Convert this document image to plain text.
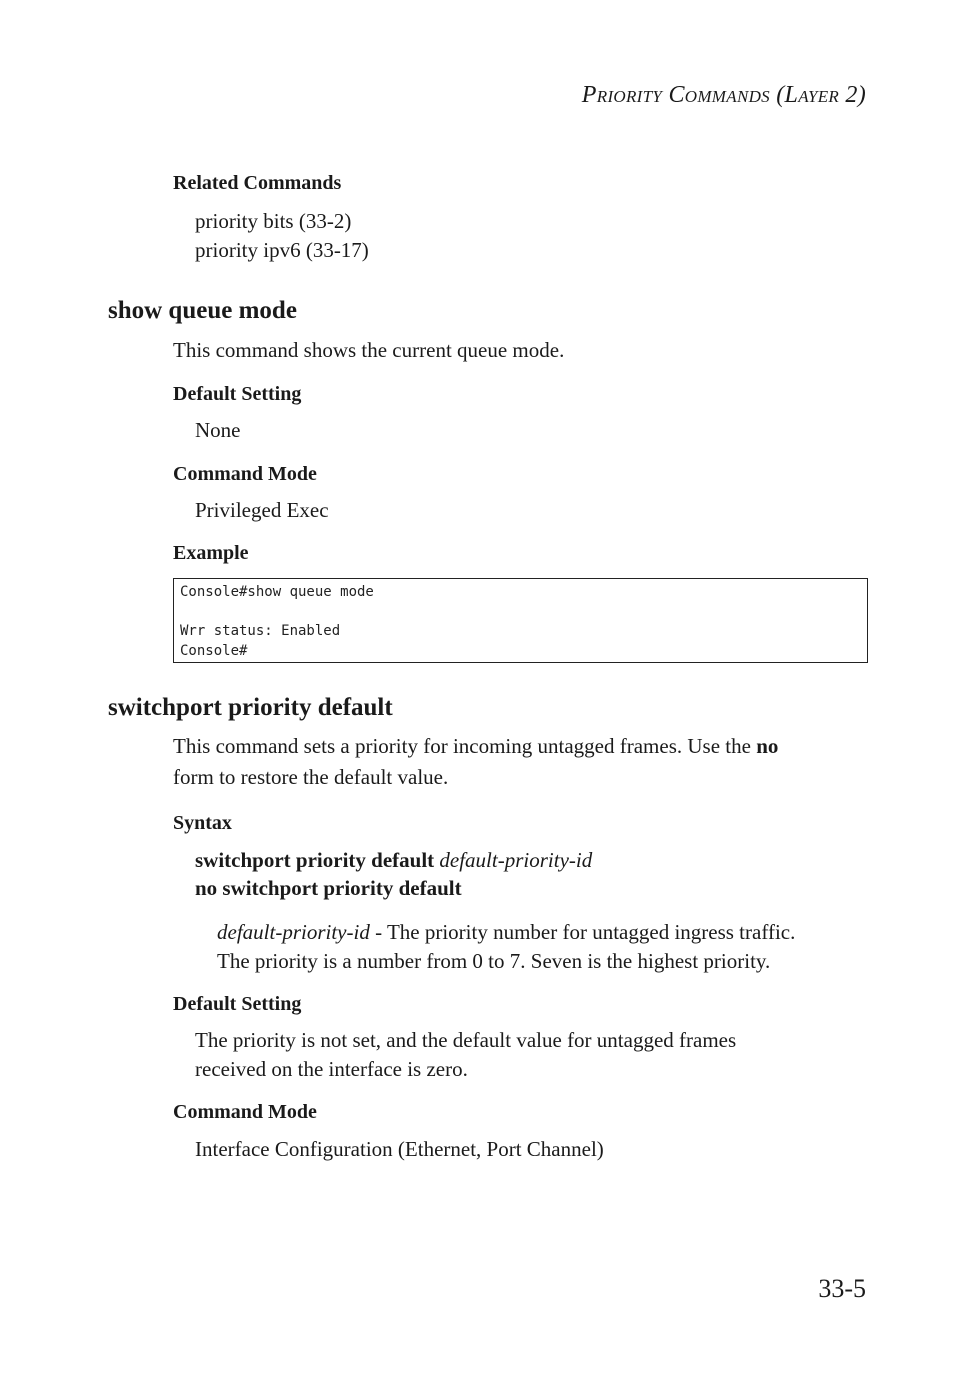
PRIORITY COMMANDS (LAYER 2)
Related Commands
priority bits (33-2)
priority ipv6 (33-17)
show queue mode
This command shows the current queue mode.
Default Setting
None
Command Mode
Privileged Exec
Example
Console#show queue mode
Wrr status: Enabled
Console#
switchport priority default
This command sets a priority for incoming untagged frames. Use the no
form to restore the default value.
Syntax
switchport priority default default-priority-id
no switchport priority default
default-priority-id - The priority number for untagged ingress traffic.
The priority is a number from 0 to 7. Seven is the highest priority.
Default Setting
The priority is not set, and the default value for untagged frames
received on the interface is zero.
Command Mode
Interface Configuration (Ethernet, Port Channel)
33-5
